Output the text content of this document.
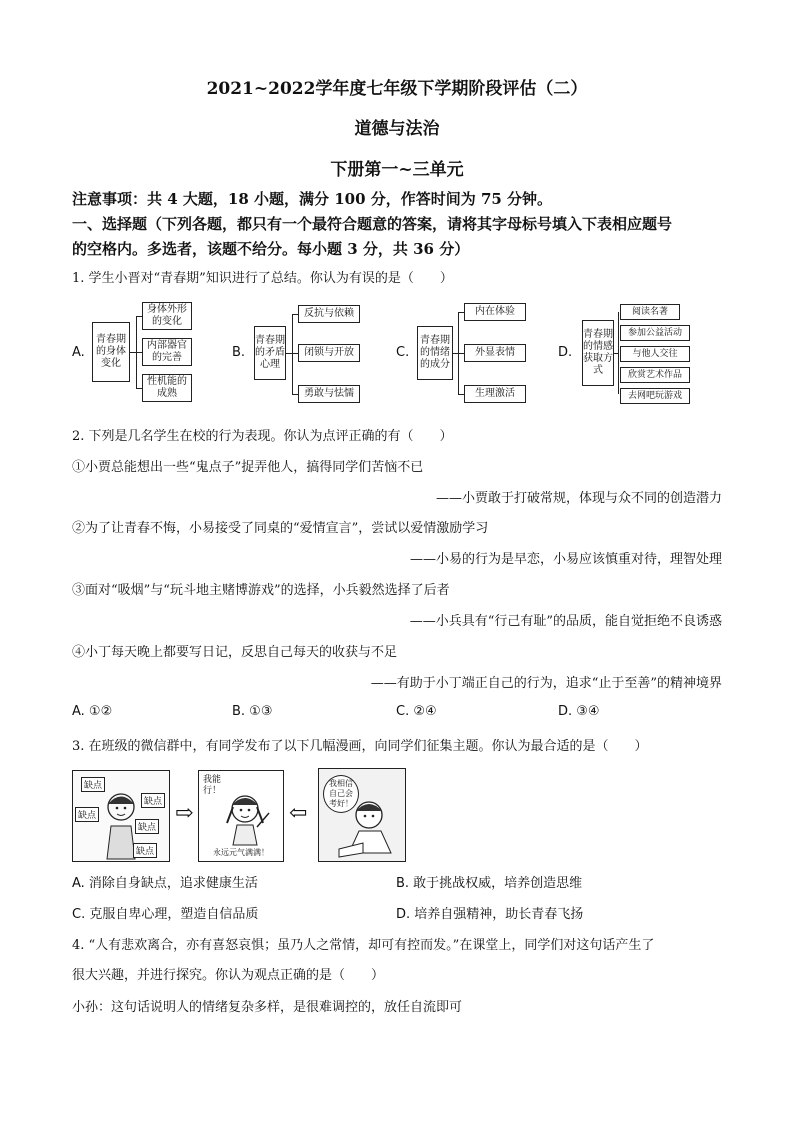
2021~2022学年度七年级下学期阶段评估（二）
道德与法治
下册第一~三单元
注意事项：共 4 大题，18 小题，满分 100 分，作答时间为 75 分钟。
一、选择题（下列各题，都只有一个最符合题意的答案，请将其字母标号填入下表相应题号
的空格内。多选者，该题不给分。每小题 3 分，共 36 分）
1. 学生小晋对“青春期”知识进行了总结。你认为有误的是（　　）
A.
青春期的身体变化
身体外形的变化
内部器官的完善
性机能的成熟
B.
青春期的矛盾心理
反抗与依赖
闭锁与开放
勇敢与怯懦
C.
青春期的情绪的成分
内在体验
外显表情
生理激活
D.
青春期的情感获取方式
阅读名著
参加公益活动
与他人交往
欣赏艺术作品
去网吧玩游戏
2. 下列是几名学生在校的行为表现。你认为点评正确的有（　　）
①小贾总能想出一些“鬼点子”捉弄他人，搞得同学们苦恼不已
——小贾敢于打破常规，体现与众不同的创造潜力
②为了让青春不悔，小易接受了同桌的“爱情宣言”，尝试以爱情激励学习
——小易的行为是早恋，小易应该慎重对待，理智处理
③面对“吸烟”与“玩斗地主赌博游戏”的选择，小兵毅然选择了后者
——小兵具有“行己有耻”的品质，能自觉拒绝不良诱惑
④小丁每天晚上都要写日记，反思自己每天的收获与不足
——有助于小丁端正自己的行为，追求“止于至善”的精神境界
A. ①②	B. ①③	C. ②④	D. ③④
3. 在班级的微信群中，有同学发布了以下几幅漫画，向同学们征集主题。你认为最合适的是（　　）
缺点
缺点
缺点
缺点
缺点
⇨
我能行！
永远元气满满！
⇦
我相信自己会考好！
A. 消除自身缺点，追求健康生活	B. 敢于挑战权威，培养创造思维
C. 克服自卑心理，塑造自信品质	D. 培养自强精神，助长青春飞扬
4. “人有悲欢离合，亦有喜怒哀惧；虽乃人之常情，却可有控而发。”在课堂上，同学们对这句话产生了
很大兴趣，并进行探究。你认为观点正确的是（　　）
小孙：这句话说明人的情绪复杂多样，是很难调控的，放任自流即可
